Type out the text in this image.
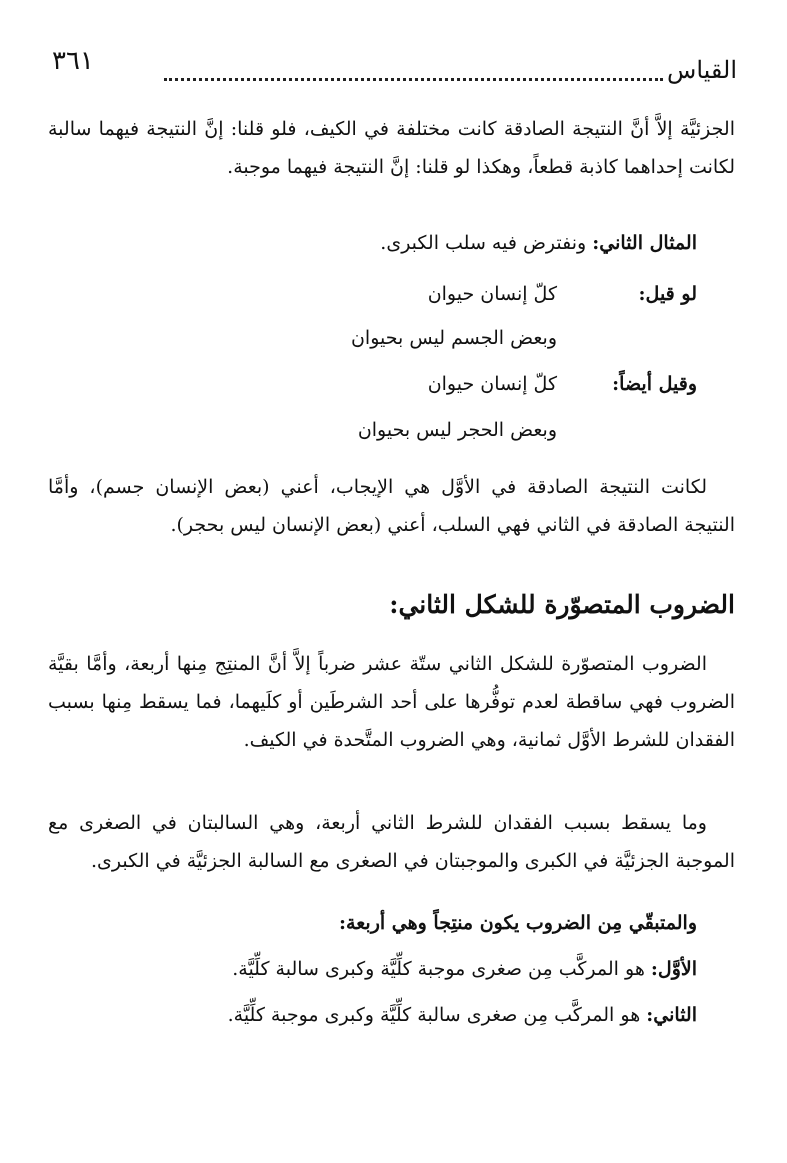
القياس
٣٦١
الجزئيَّة إلاَّ أنَّ النتيجة الصادقة كانت مختلفة في الكيف، فلو قلنا: إنَّ النتيجة فيهما سالبة لكانت إحداهما كاذبة قطعاً، وهكذا لو قلنا: إنَّ النتيجة فيهما موجبة.
المثال الثاني: ونفترض فيه سلب الكبرى.
لو قيل:
كلّ إنسان حيوان
وبعض الجسم ليس بحيوان
وقيل أيضاً:
كلّ إنسان حيوان
وبعض الحجر ليس بحيوان
لكانت النتيجة الصادقة في الأوَّل هي الإيجاب، أعني (بعض الإنسان جسم)، وأمَّا النتيجة الصادقة في الثاني فهي السلب، أعني (بعض الإنسان ليس بحجر).
الضروب المتصوّرة للشكل الثاني:
الضروب المتصوّرة للشكل الثاني ستّة عشر ضرباً إلاَّ أنَّ المنتِج مِنها أربعة، وأمَّا بقيَّة الضروب فهي ساقطة لعدم توفُّرها على أحد الشرطَين أو كلَيهما، فما يسقط مِنها بسبب الفقدان للشرط الأوَّل ثمانية، وهي الضروب المتَّحدة في الكيف.
وما يسقط بسبب الفقدان للشرط الثاني أربعة، وهي السالبتان في الصغرى مع الموجبة الجزئيَّة في الكبرى والموجبتان في الصغرى مع السالبة الجزئيَّة في الكبرى.
والمتبقّي مِن الضروب يكون منتِجاً وهي أربعة:
الأوَّل: هو المركَّب مِن صغرى موجبة كلِّيَّة وكبرى سالبة كلِّيَّة.
الثاني: هو المركَّب مِن صغرى سالبة كلِّيَّة وكبرى موجبة كلِّيَّة.
